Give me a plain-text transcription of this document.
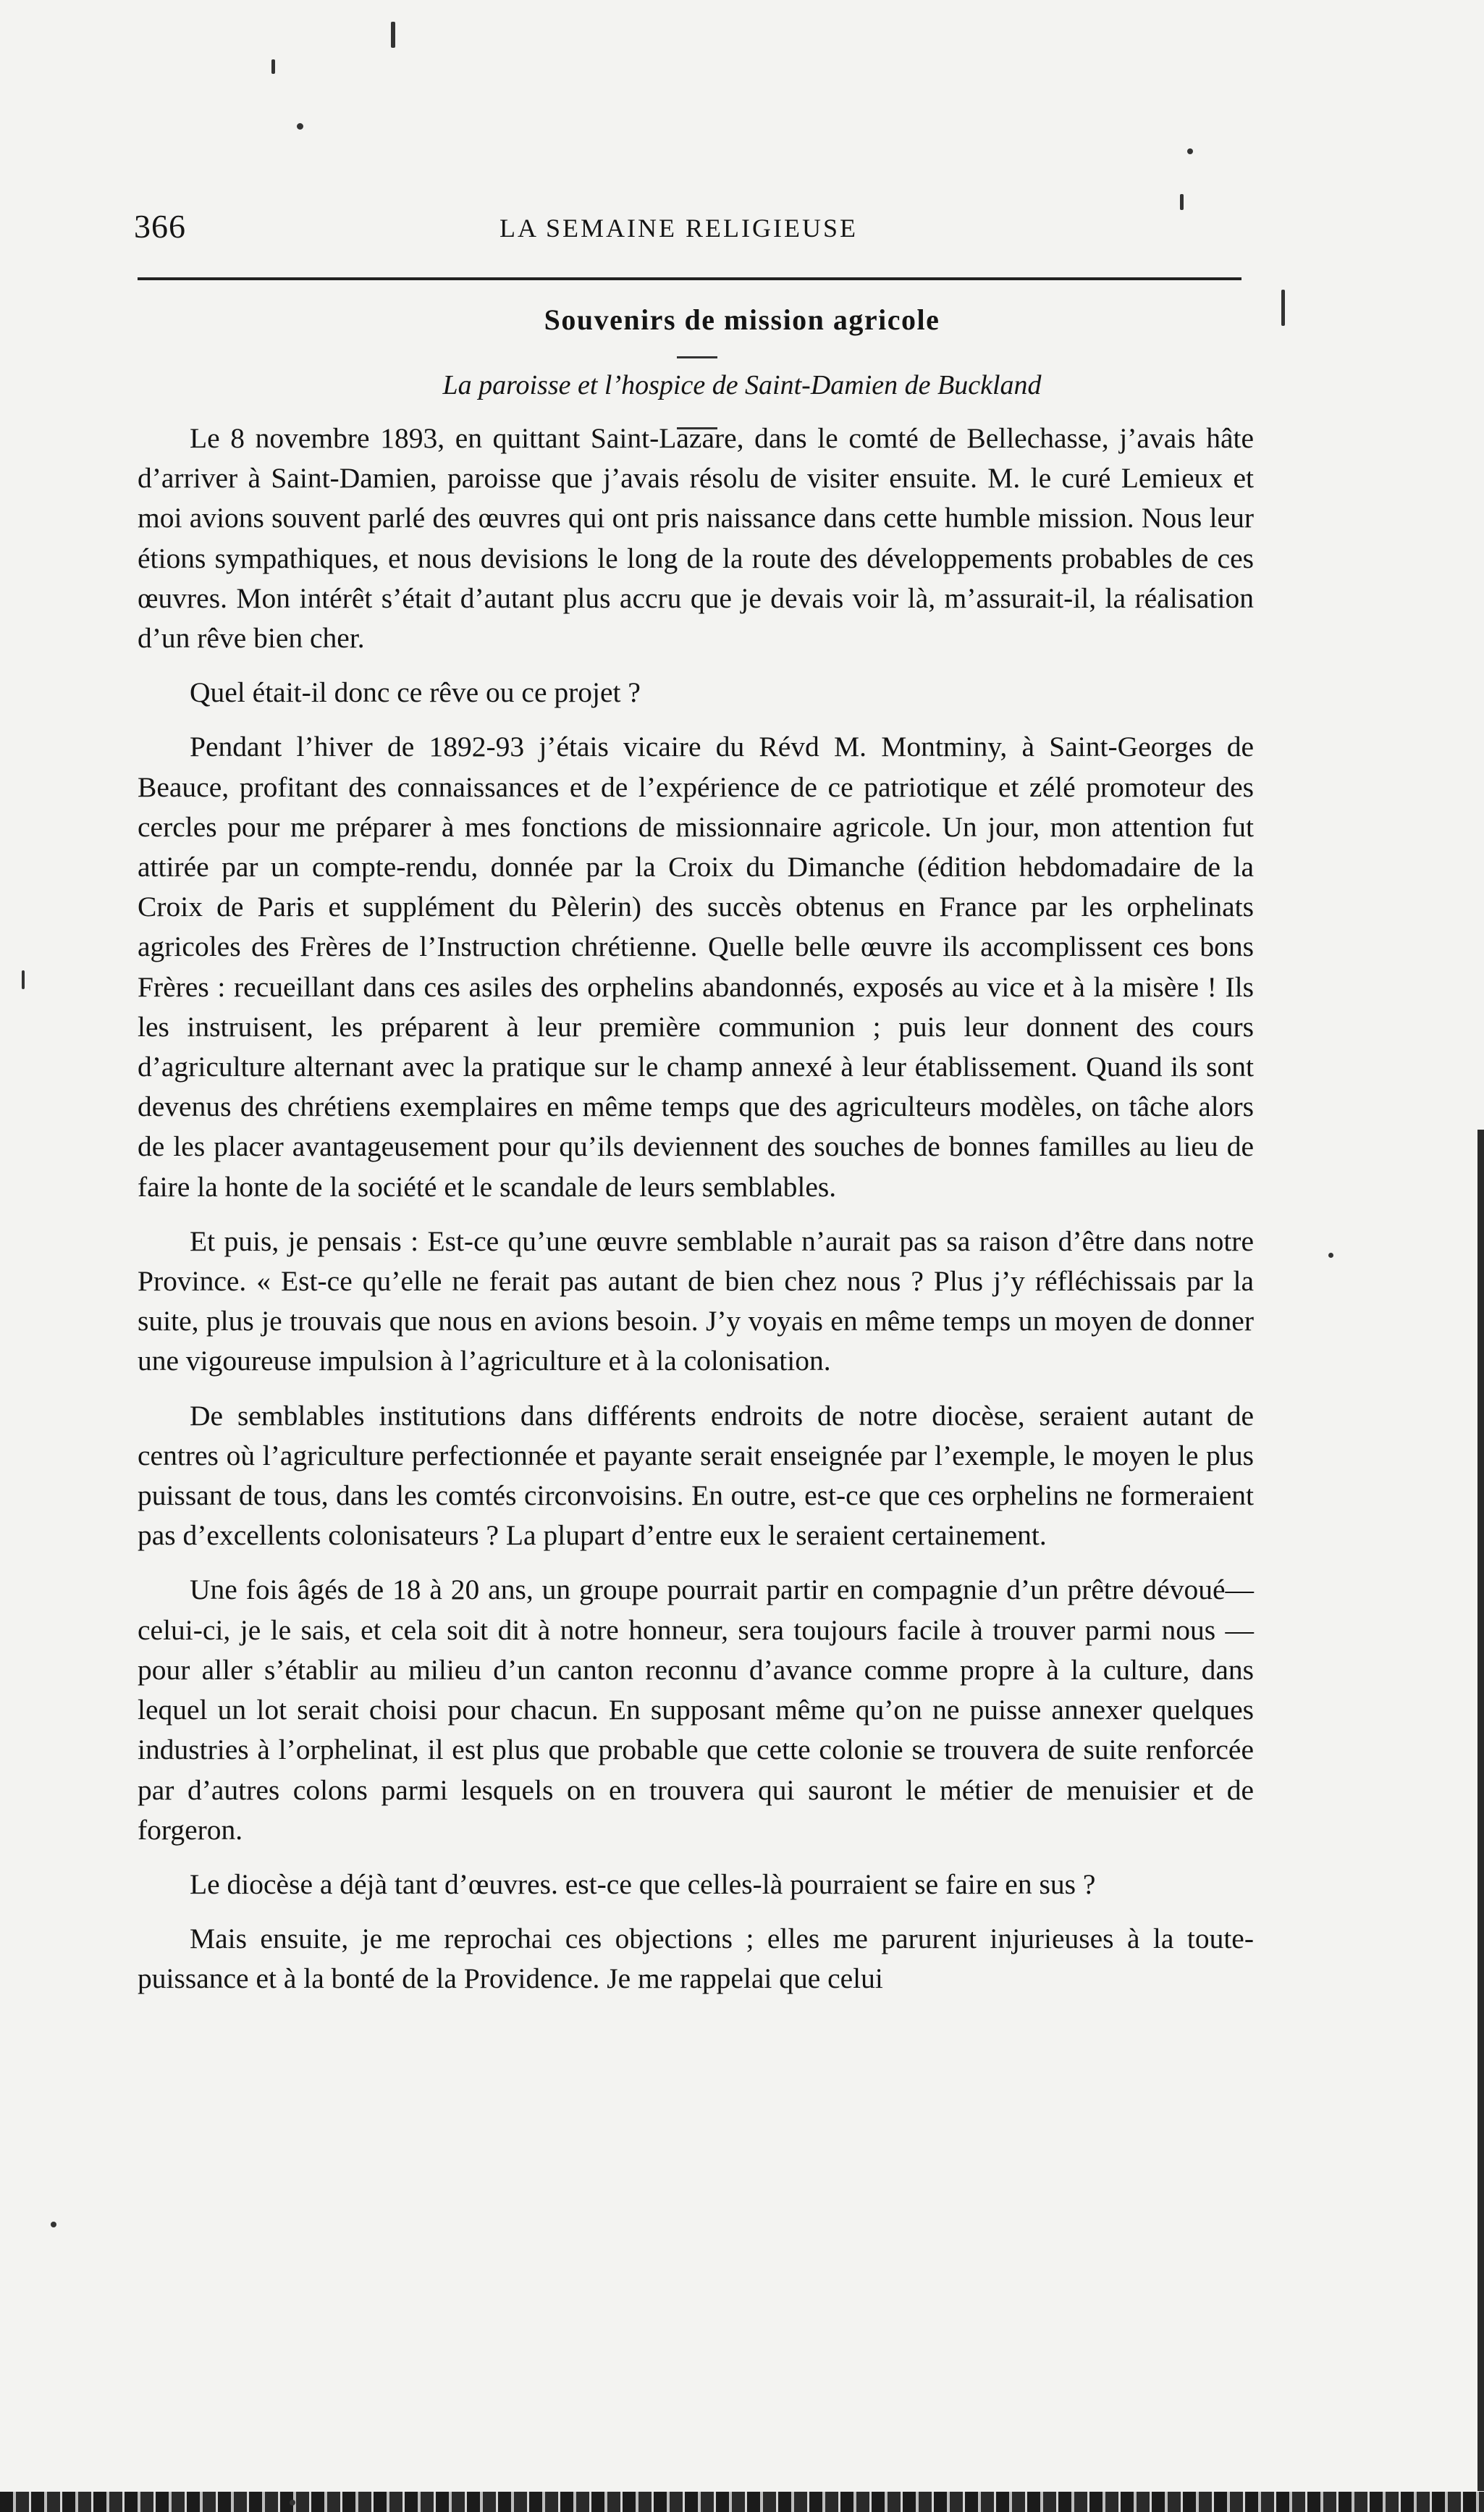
366	LA SEMAINE RELIGIEUSE
Souvenirs de mission agricole
La paroisse et l’hospice de Saint-Damien de Buckland

Le 8 novembre 1893, en quittant Saint-Lazare, dans le comté de Bellechasse, j’avais hâte d’arriver à Saint-Damien, paroisse que j’avais résolu de visiter ensuite. M. le curé Lemieux et moi avions souvent parlé des œuvres qui ont pris naissance dans cette humble mission. Nous leur étions sympathiques, et nous devisions le long de la route des développements probables de ces œuvres. Mon intérêt s’était d’autant plus accru que je devais voir là, m’assurait-il, la réalisation d’un rêve bien cher.

Quel était-il donc ce rêve ou ce projet ?

Pendant l’hiver de 1892-93 j’étais vicaire du Révd M. Montminy, à Saint-Georges de Beauce, profitant des connaissances et de l’expérience de ce patriotique et zélé promoteur des cercles pour me préparer à mes fonctions de missionnaire agricole. Un jour, mon attention fut attirée par un compte-rendu, donnée par la Croix du Dimanche (édition hebdomadaire de la Croix de Paris et supplément du Pèlerin) des succès obtenus en France par les orphelinats agricoles des Frères de l’Instruction chrétienne. Quelle belle œuvre ils accomplissent ces bons Frères : recueillant dans ces asiles des orphelins abandonnés, exposés au vice et à la misère ! Ils les instruisent, les préparent à leur première communion ; puis leur donnent des cours d’agriculture alternant avec la pratique sur le champ annexé à leur établissement. Quand ils sont devenus des chrétiens exemplaires en même temps que des agriculteurs modèles, on tâche alors de les placer avantageusement pour qu’ils deviennent des souches de bonnes familles au lieu de faire la honte de la société et le scandale de leurs semblables.

Et puis, je pensais : Est-ce qu’une œuvre semblable n’aurait pas sa raison d’être dans notre Province. « Est-ce qu’elle ne ferait pas autant de bien chez nous ? Plus j’y réfléchissais par la suite, plus je trouvais que nous en avions besoin. J’y voyais en même temps un moyen de donner une vigoureuse impulsion à l’agriculture et à la colonisation.

De semblables institutions dans différents endroits de notre diocèse, seraient autant de centres où l’agriculture perfectionnée et payante serait enseignée par l’exemple, le moyen le plus puissant de tous, dans les comtés circonvoisins. En outre, est-ce que ces orphelins ne formeraient pas d’excellents colonisateurs ? La plupart d’entre eux le seraient certainement.

Une fois âgés de 18 à 20 ans, un groupe pourrait partir en compagnie d’un prêtre dévoué—celui-ci, je le sais, et cela soit dit à notre honneur, sera toujours facile à trouver parmi nous — pour aller s’établir au milieu d’un canton reconnu d’avance comme propre à la culture, dans lequel un lot serait choisi pour chacun. En supposant même qu’on ne puisse annexer quelques industries à l’orphelinat, il est plus que probable que cette colonie se trouvera de suite renforcée par d’autres colons parmi lesquels on en trouvera qui sauront le métier de menuisier et de forgeron.

Le diocèse a déjà tant d’œuvres. est-ce que celles-là pourraient se faire en sus ?

Mais ensuite, je me reprochai ces objections ; elles me parurent injurieuses à la toute-puissance et à la bonté de la Providence. Je me rappelai que celui
